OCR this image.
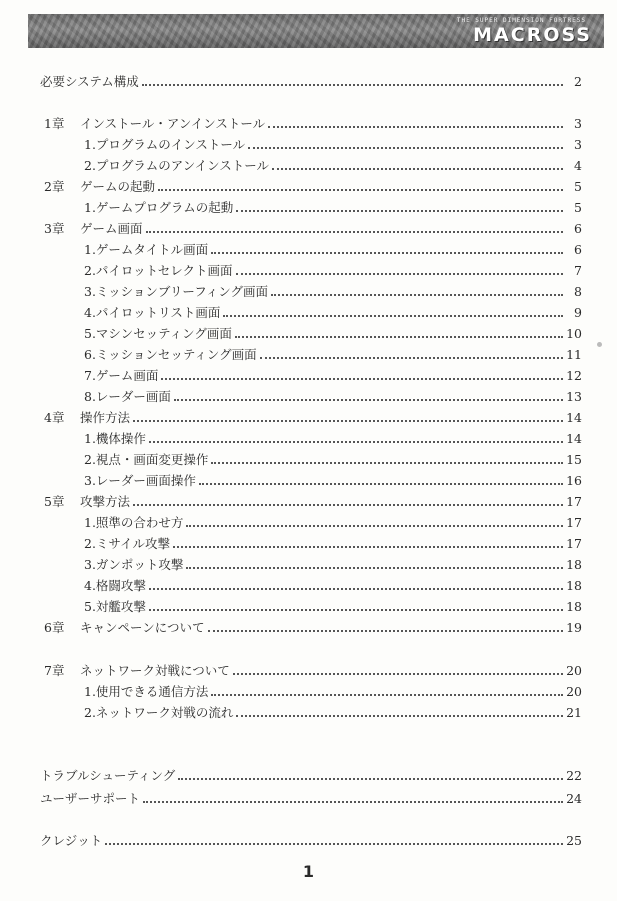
THE SUPER DIMENSION FORTRESS
MACROSS
必要システム構成	2
1章	インストール・アンインストール	3
1.プログラムのインストール	3
2.プログラムのアンインストール	4
2章	ゲームの起動	5
1.ゲームプログラムの起動	5
3章	ゲーム画面	6
1.ゲームタイトル画面	6
2.パイロットセレクト画面	7
3.ミッションブリーフィング画面	8
4.パイロットリスト画面	9
5.マシンセッティング画面	10
6.ミッションセッティング画面	11
7.ゲーム画面	12
8.レーダー画面	13
4章	操作方法	14
1.機体操作	14
2.視点・画面変更操作	15
3.レーダー画面操作	16
5章	攻撃方法	17
1.照準の合わせ方	17
2.ミサイル攻撃	17
3.ガンポット攻撃	18
4.格闘攻撃	18
5.対艦攻撃	18
6章	キャンペーンについて	19
7章	ネットワーク対戦について	20
1.使用できる通信方法	20
2.ネットワーク対戦の流れ	21
トラブルシューティング	22
ユーザーサポート	24
クレジット	25
1
